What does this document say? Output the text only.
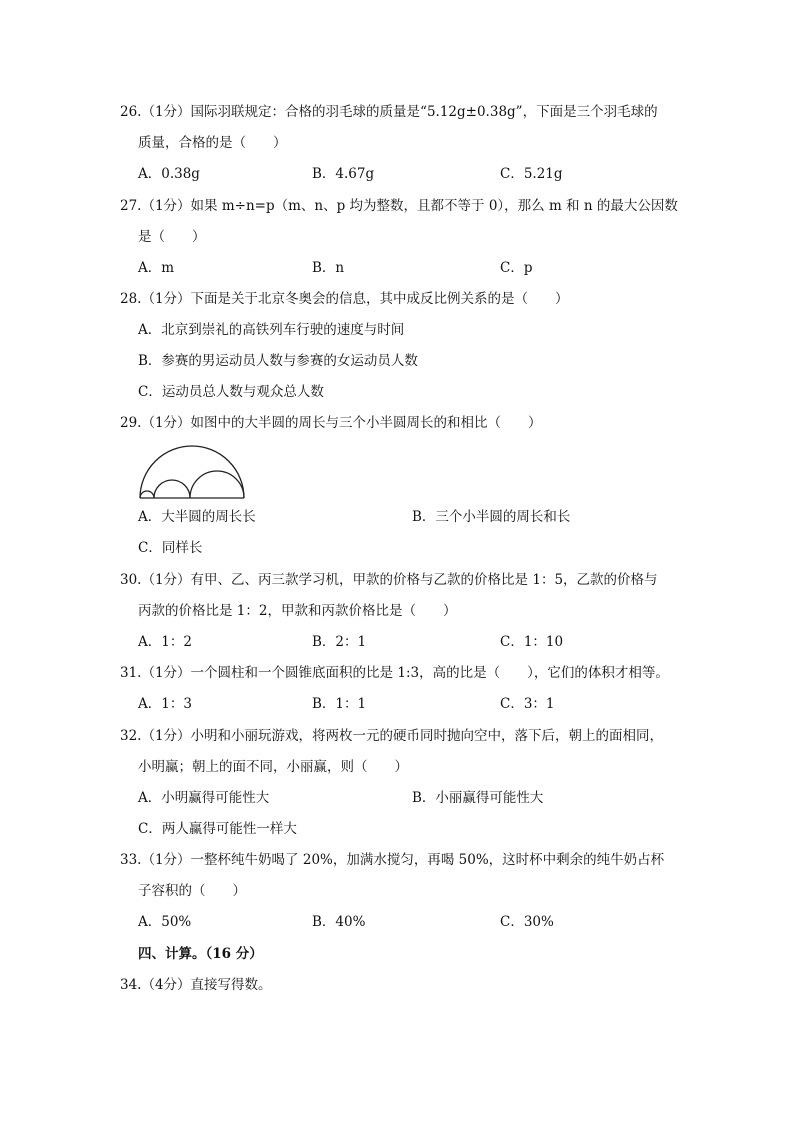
26.（1分）国际羽联规定：合格的羽毛球的质量是“5.12g±0.38g”，下面是三个羽毛球的
质量，合格的是（　　）
A．0.38g	B．4.67g	C．5.21g
27.（1分）如果 m÷n=p（m、n、p 均为整数，且都不等于 0），那么 m 和 n 的最大公因数
是（　　）
A．m	B．n	C．p
28.（1分）下面是关于北京冬奥会的信息，其中成反比例关系的是（　　）
A．北京到崇礼的高铁列车行驶的速度与时间
B．参赛的男运动员人数与参赛的女运动员人数
C．运动员总人数与观众总人数
29.（1分）如图中的大半圆的周长与三个小半圆周长的和相比（　　）
A．大半圆的周长长	B．三个小半圆的周长和长
C．同样长
30.（1分）有甲、乙、丙三款学习机，甲款的价格与乙款的价格比是 1：5，乙款的价格与
丙款的价格比是 1：2，甲款和丙款价格比是（　　）
A．1：2	B．2：1	C．1：10
31.（1分）一个圆柱和一个圆锥底面积的比是 1:3，高的比是（　　），它们的体积才相等。
A．1：3	B．1：1	C．3：1
32.（1分）小明和小丽玩游戏，将两枚一元的硬币同时抛向空中，落下后，朝上的面相同，
小明赢；朝上的面不同，小丽赢，则（　　）
A．小明赢得可能性大	B．小丽赢得可能性大
C．两人赢得可能性一样大
33.（1分）一整杯纯牛奶喝了 20%，加满水搅匀，再喝 50%，这时杯中剩余的纯牛奶占杯
子容积的（　　）
A．50%	B．40%	C．30%
四、计算。（16 分）
34.（4分）直接写得数。
